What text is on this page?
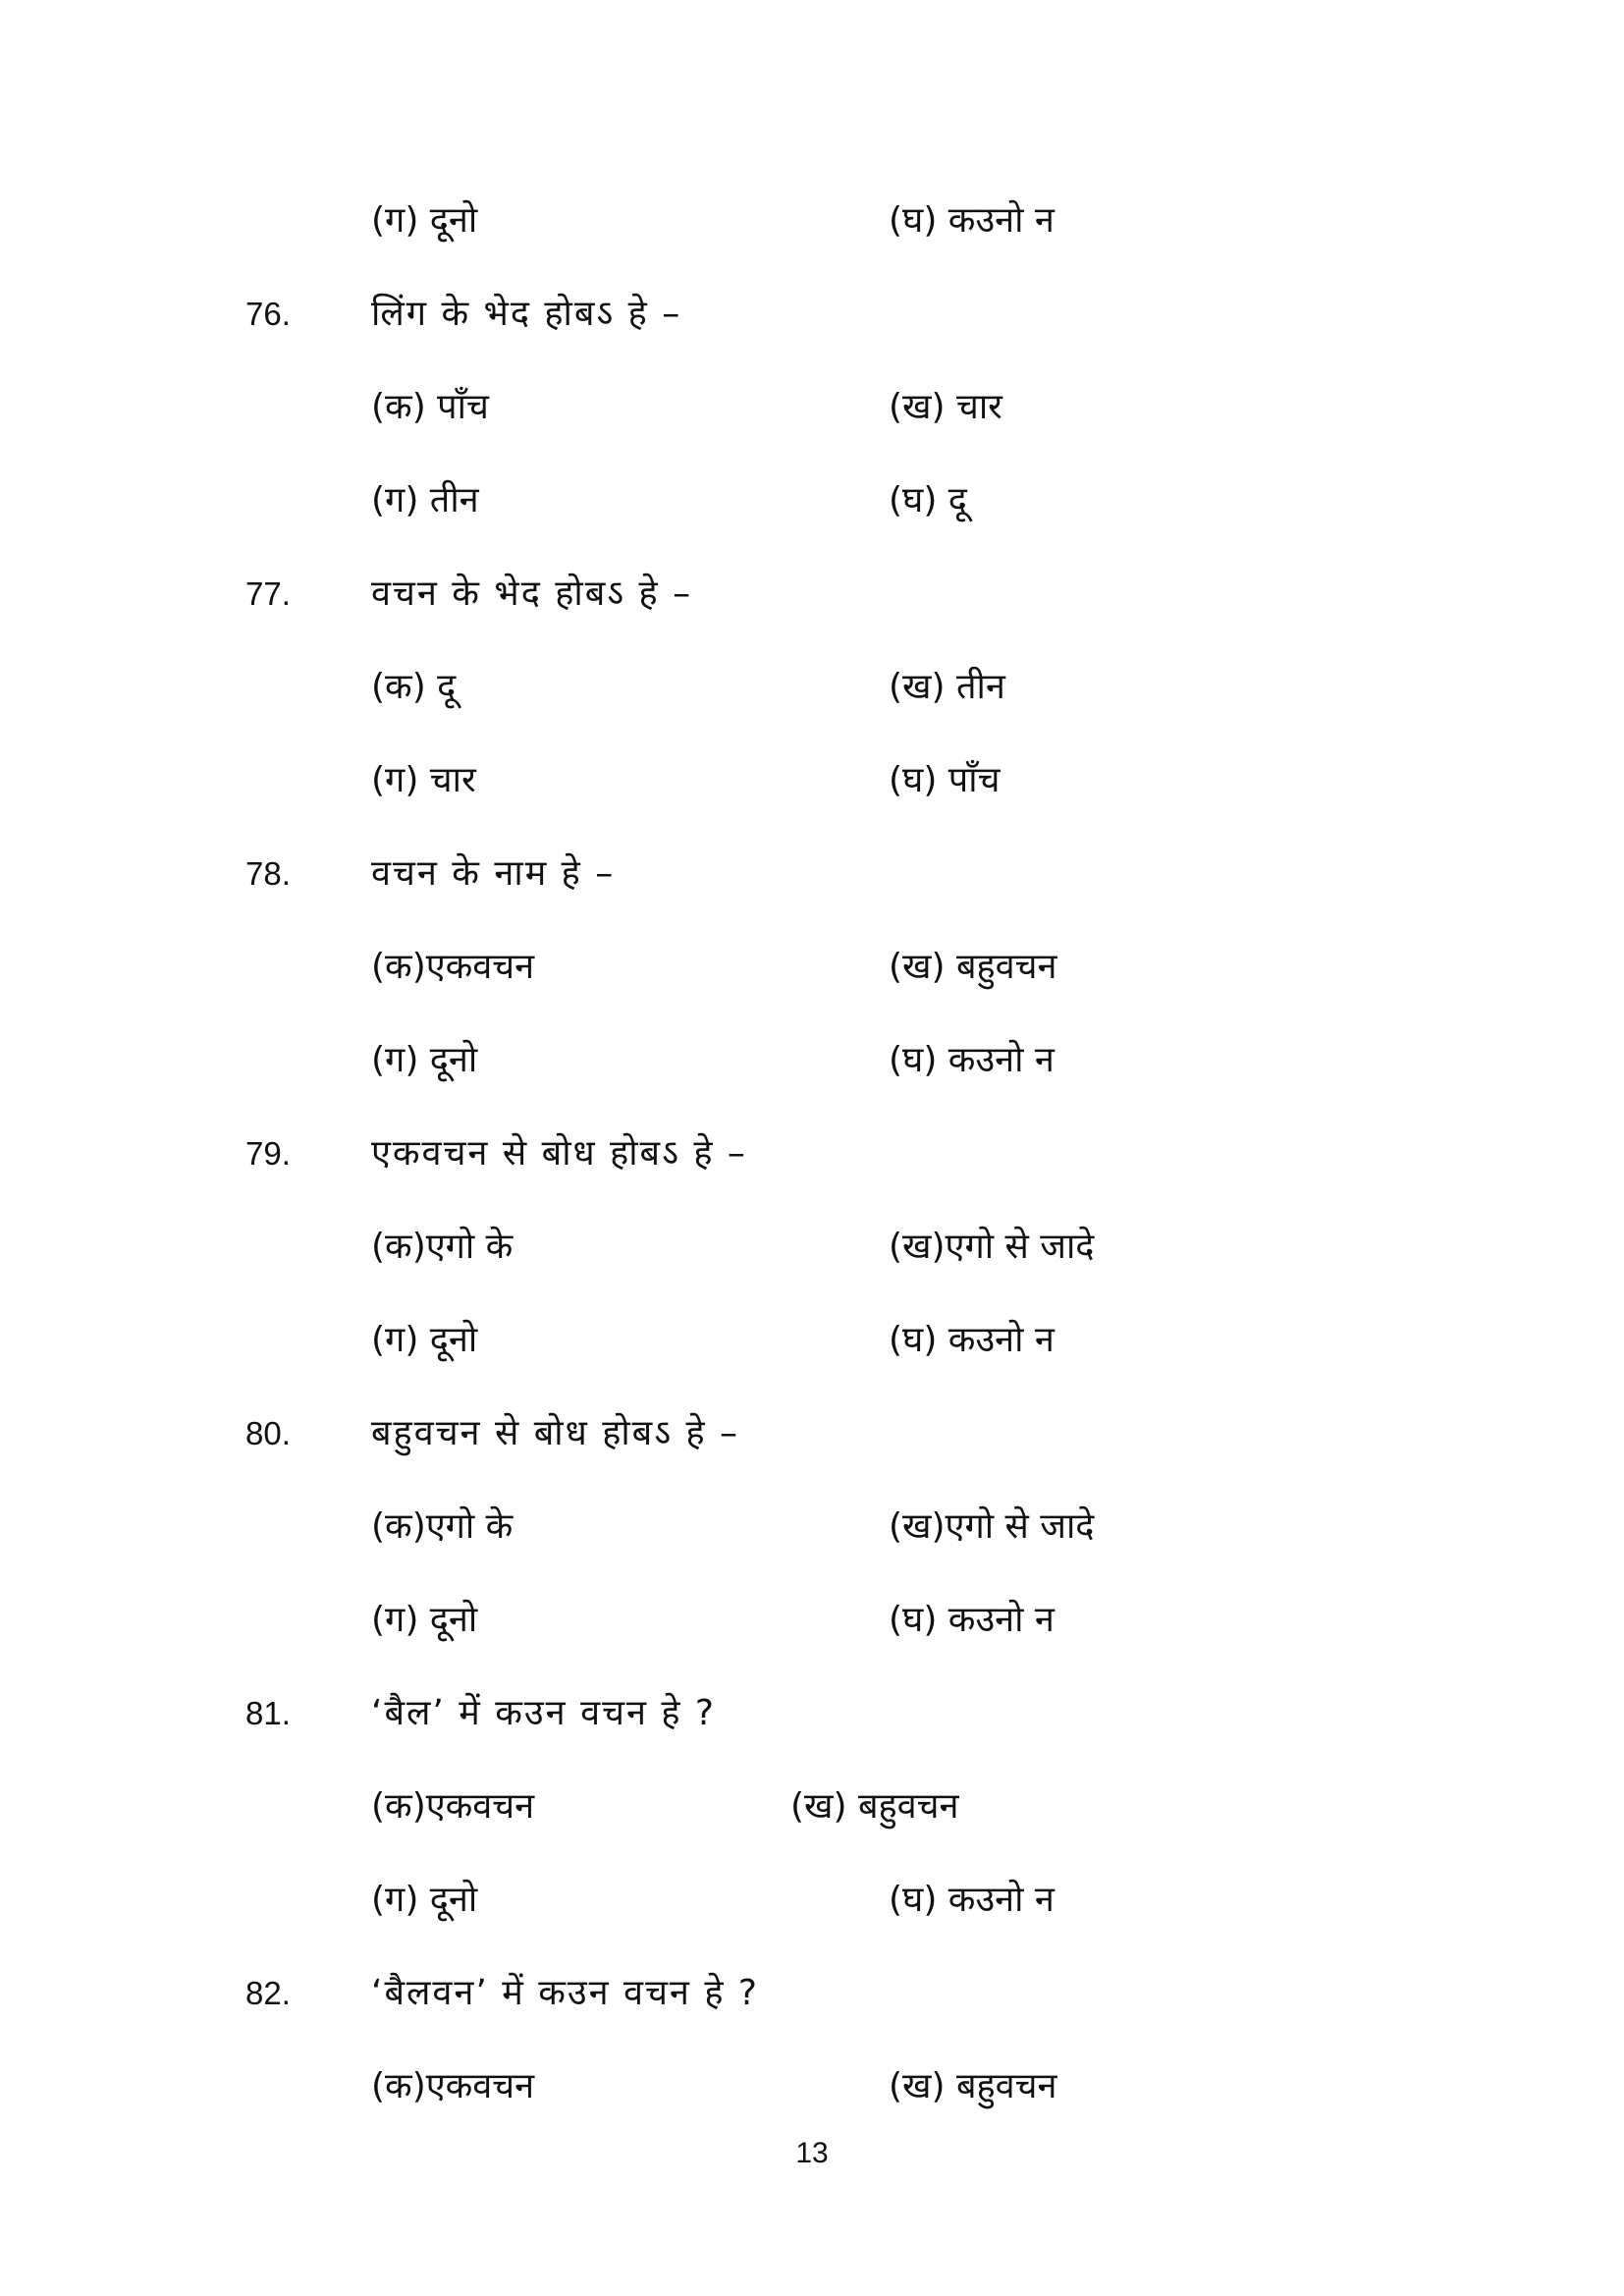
(ग) दूनो	(घ) कउनो न
76. लिंग के भेद होबऽ हे –
(क) पाँच	(ख) चार
(ग) तीन	(घ) दू
77. वचन के भेद होबऽ हे –
(क) दू	(ख) तीन
(ग) चार	(घ) पाँच
78. वचन के नाम हे –
(क)एकवचन	(ख) बहुवचन
(ग) दूनो	(घ) कउनो न
79. एकवचन से बोध होबऽ हे –
(क)एगो के	(ख)एगो से जादे
(ग) दूनो	(घ) कउनो न
80. बहुवचन से बोध होबऽ हे –
(क)एगो के	(ख)एगो से जादे
(ग) दूनो	(घ) कउनो न
81. ‘बैल’ में कउन वचन हे ?
(क)एकवचन	(ख) बहुवचन
(ग) दूनो	(घ) कउनो न
82. ‘बैलवन’ में कउन वचन हे ?
(क)एकवचन	(ख) बहुवचन
13
